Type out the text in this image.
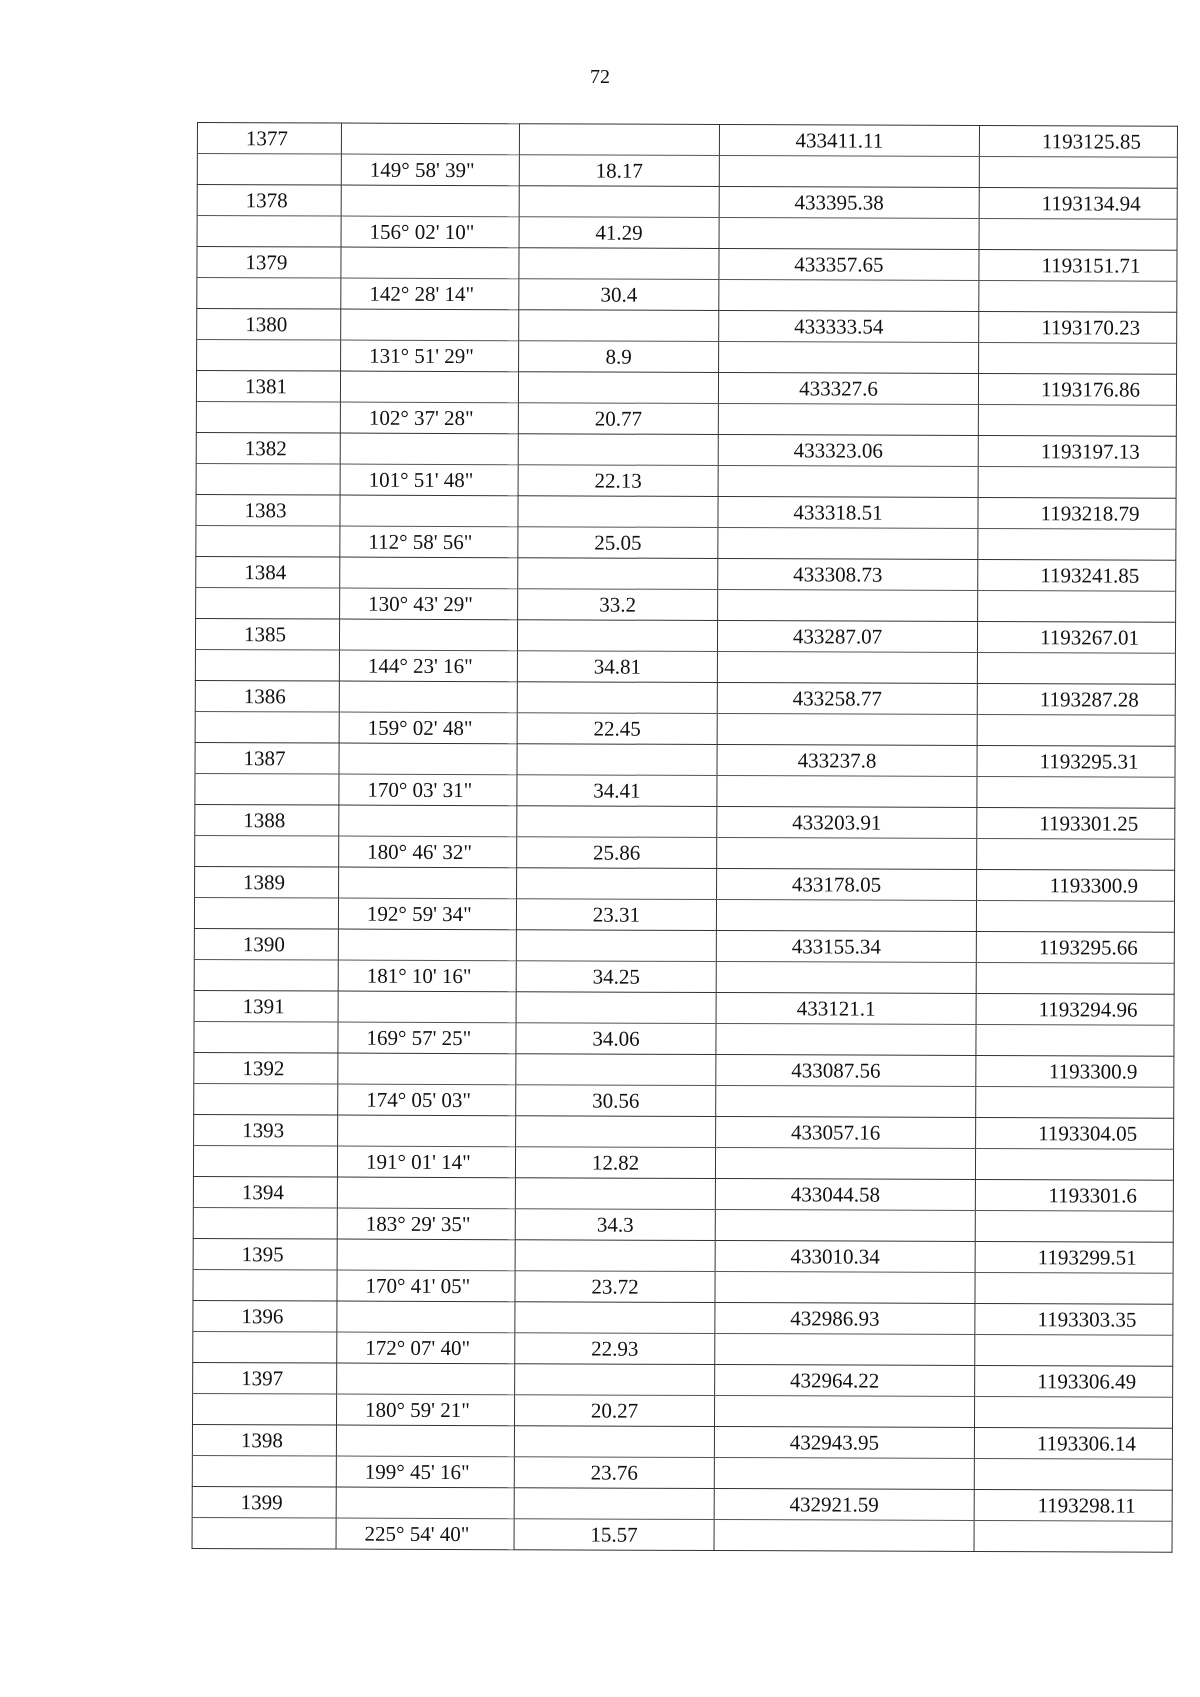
72
1377			433411.11	1193125.85
	149° 58' 39"	18.17		
1378			433395.38	1193134.94
	156° 02' 10"	41.29		
1379			433357.65	1193151.71
	142° 28' 14"	30.4		
1380			433333.54	1193170.23
	131° 51' 29"	8.9		
1381			433327.6	1193176.86
	102° 37' 28"	20.77		
1382			433323.06	1193197.13
	101° 51' 48"	22.13		
1383			433318.51	1193218.79
	112° 58' 56"	25.05		
1384			433308.73	1193241.85
	130° 43' 29"	33.2		
1385			433287.07	1193267.01
	144° 23' 16"	34.81		
1386			433258.77	1193287.28
	159° 02' 48"	22.45		
1387			433237.8	1193295.31
	170° 03' 31"	34.41		
1388			433203.91	1193301.25
	180° 46' 32"	25.86		
1389			433178.05	1193300.9
	192° 59' 34"	23.31		
1390			433155.34	1193295.66
	181° 10' 16"	34.25		
1391			433121.1	1193294.96
	169° 57' 25"	34.06		
1392			433087.56	1193300.9
	174° 05' 03"	30.56		
1393			433057.16	1193304.05
	191° 01' 14"	12.82		
1394			433044.58	1193301.6
	183° 29' 35"	34.3		
1395			433010.34	1193299.51
	170° 41' 05"	23.72		
1396			432986.93	1193303.35
	172° 07' 40"	22.93		
1397			432964.22	1193306.49
	180° 59' 21"	20.27		
1398			432943.95	1193306.14
	199° 45' 16"	23.76		
1399			432921.59	1193298.11
	225° 54' 40"	15.57		
